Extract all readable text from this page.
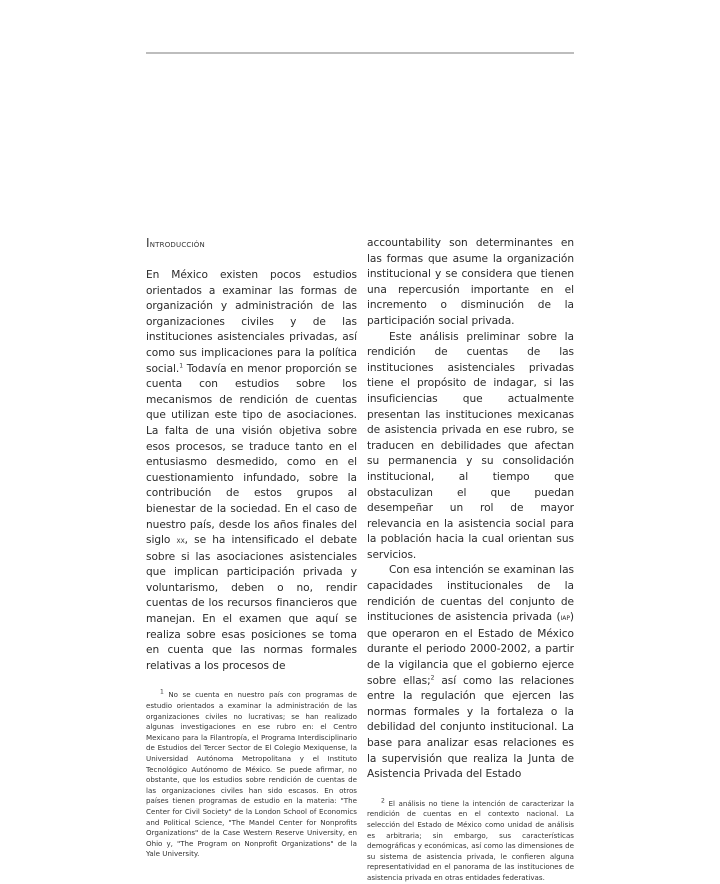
Introducción

En México existen pocos estudios orientados a examinar las formas de organización y administración de las organizaciones civiles y de las instituciones asistenciales privadas, así como sus implicaciones para la política social.$^1$ Todavía en menor proporción se cuenta con estudios sobre los mecanismos de rendición de cuentas que utilizan este tipo de asociaciones. La falta de una visión objetiva sobre esos procesos, se traduce tanto en el entusiasmo desmedido, como en el cuestionamiento infundado, sobre la contribución de estos grupos al bienestar de la sociedad. En el caso de nuestro país, desde los años finales del siglo xx, se ha intensificado el debate sobre si las asociaciones asistenciales que implican participación privada y voluntarismo, deben o no, rendir cuentas de los recursos financieros que manejan. En el examen que aquí se realiza sobre esas posiciones se toma en cuenta que las normas formales relativas a los procesos de

$^1$ No se cuenta en nuestro país con programas de estudio orientados a examinar la administración de las organizaciones civiles no lucrativas; se han realizado algunas investigaciones en ese rubro en: el Centro Mexicano para la Filantropía, el Programa Interdisciplinario de Estudios del Tercer Sector de El Colegio Mexiquense, la Universidad Autónoma Metropolitana y el Instituto Tecnológico Autónomo de México. Se puede afirmar, no obstante, que los estudios sobre rendición de cuentas de las organizaciones civiles han sido escasos. En otros países tienen programas de estudio en la materia: "The Center for Civil Society" de la London School of Economics and Political Science, "The Mandel Center for Nonprofits Organizations" de la Case Western Reserve University, en Ohio y, "The Program on Nonprofit Organizations" de la Yale University.

accountability son determinantes en las formas que asume la organización institucional y se considera que tienen una repercusión importante en el incremento o disminución de la participación social privada.

Este análisis preliminar sobre la rendición de cuentas de las instituciones asistenciales privadas tiene el propósito de indagar, si las insuficiencias que actualmente presentan las instituciones mexicanas de asistencia privada en ese rubro, se traducen en debilidades que afectan su permanencia y su consolidación institucional, al tiempo que obstaculizan el que puedan desempeñar un rol de mayor relevancia en la asistencia social para la población hacia la cual orientan sus servicios.

Con esa intención se examinan las capacidades institucionales de la rendición de cuentas del conjunto de instituciones de asistencia privada (iap) que operaron en el Estado de México durante el periodo 2000-2002, a partir de la vigilancia que el gobierno ejerce sobre ellas;$^2$ así como las relaciones entre la regulación que ejercen las normas formales y la fortaleza o la debilidad del conjunto institucional. La base para analizar esas relaciones es la supervisión que realiza la Junta de Asistencia Privada del Estado

$^2$ El análisis no tiene la intención de caracterizar la rendición de cuentas en el contexto nacional. La selección del Estado de México como unidad de análisis es arbitraria; sin embargo, sus características demográficas y económicas, así como las dimensiones de su sistema de asistencia privada, le confieren alguna representatividad en el panorama de las instituciones de asistencia privada en otras entidades federativas.
